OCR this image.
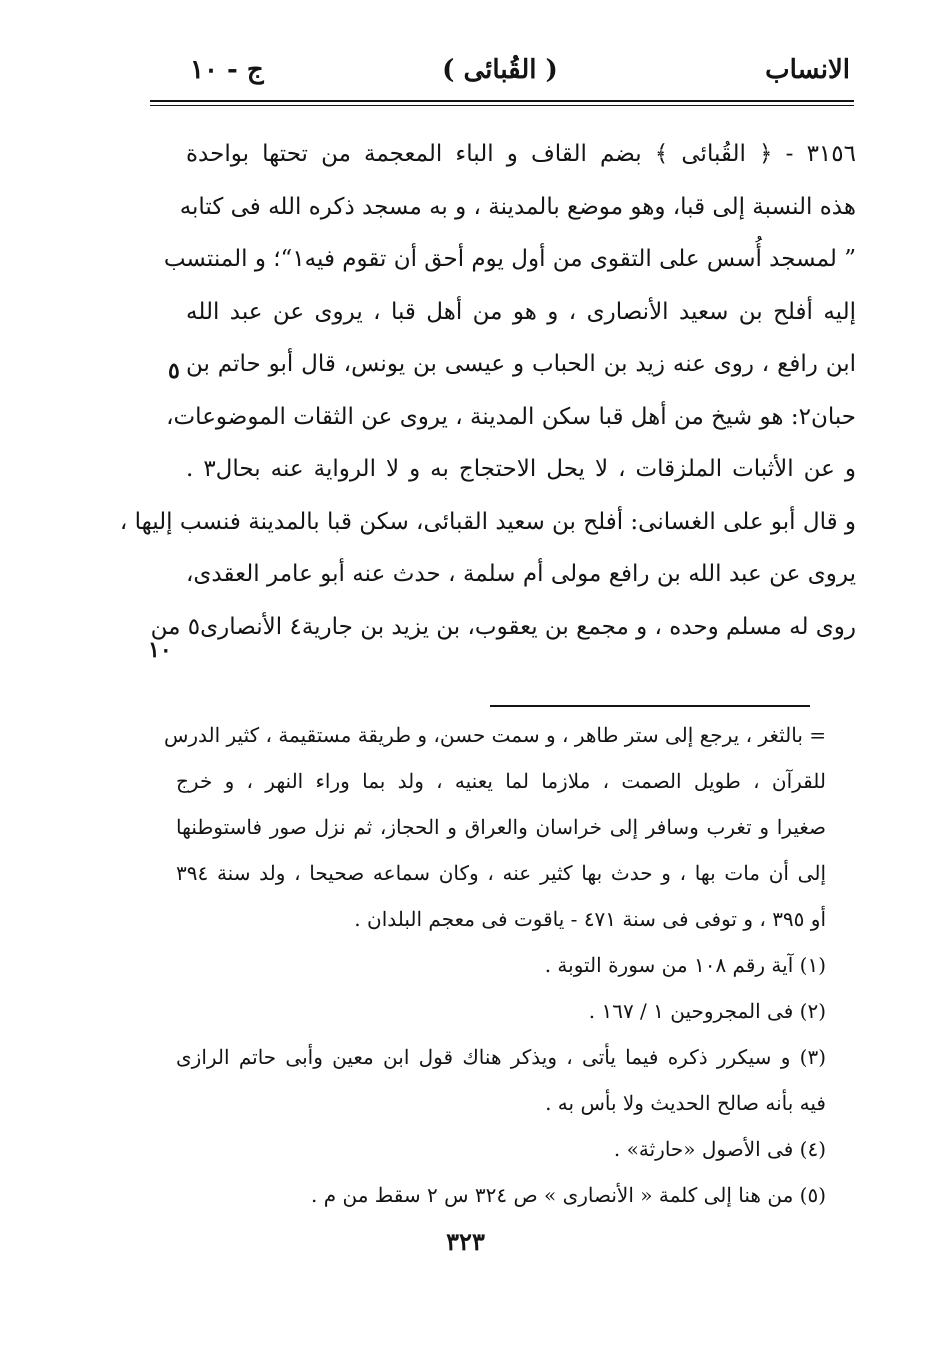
الانساب
( القُبائى )
ج - ١٠
٣١٥٦ - ﴿ القُبائى ﴾ بضم القاف و الباء المعجمة من تحتها بواحدة
هذه النسبة إلى قبا، وهو موضع بالمدينة ، و به مسجد ذكره الله فى كتابه
” لمسجد أُسس على التقوى من أول يوم أحق أن تقوم فيه١“؛ و المنتسب
إليه أفلح بن سعيد الأنصارى ، و هو من أهل قبا ، يروى عن عبد الله
ابن رافع ، روى عنه زيد بن الحباب و عيسى بن يونس، قال أبو حاتم بن
حبان٢: هو شيخ من أهل قبا سكن المدينة ، يروى عن الثقات الموضوعات،
و عن الأثبات الملزقات ، لا يحل الاحتجاج به و لا الرواية عنه بحال٣ .
و قال أبو على الغسانى: أفلح بن سعيد القبائى، سكن قبا بالمدينة فنسب إليها ،
يروى عن عبد الله بن رافع مولى أم سلمة ، حدث عنه أبو عامر العقدى،
روى له مسلم وحده ، و مجمع بن يعقوب، بن يزيد بن جارية٤ الأنصارى٥ من
٥
١٠
= بالثغر ، يرجع إلى ستر طاهر ، و سمت حسن، و طريقة مستقيمة ، كثير الدرس
للقرآن ، طويل الصمت ، ملازما لما يعنيه ، ولد بما وراء النهر ، و خرج
صغيرا و تغرب وسافر إلى خراسان والعراق و الحجاز، ثم نزل صور فاستوطنها
إلى أن مات بها ، و حدث بها كثير عنه ، وكان سماعه صحيحا ، ولد سنة ٣٩٤
أو ٣٩٥ ، و توفى فى سنة ٤٧١ - ياقوت فى معجم البلدان .
(١) آية رقم ١٠٨ من سورة التوبة .
(٢) فى المجروحين ١ / ١٦٧ .
(٣) و سيكرر ذكره فيما يأتى ، ويذكر هناك قول ابن معين وأبى حاتم الرازى
فيه بأنه صالح الحديث ولا بأس به .
(٤) فى الأصول «حارثة» .
(٥) من هنا إلى كلمة « الأنصارى » ص ٣٢٤ س ٢ سقط من م .
٣٢٣
